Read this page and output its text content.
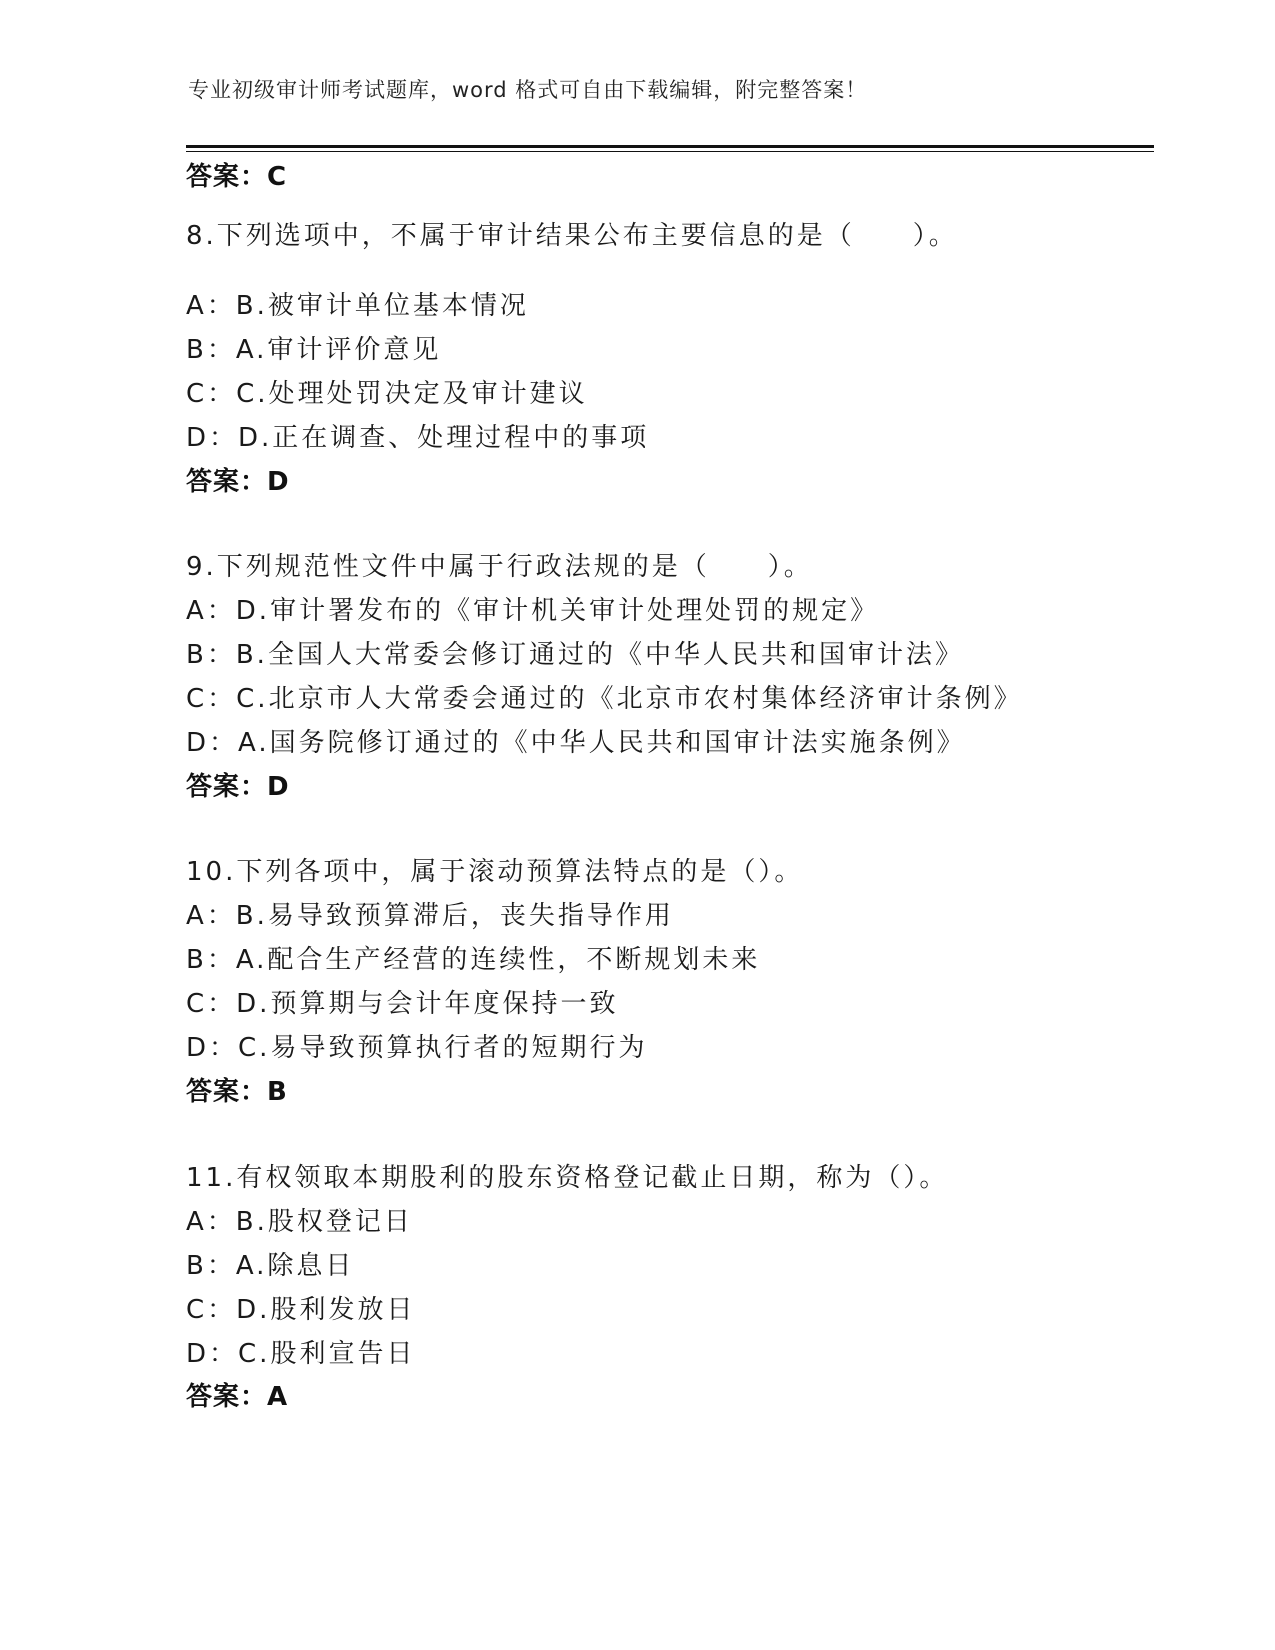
专业初级审计师考试题库，word 格式可自由下载编辑，附完整答案！
答案：C
8.下列选项中，不属于审计结果公布主要信息的是（　　）。
A：B.被审计单位基本情况
B：A.审计评价意见
C：C.处理处罚决定及审计建议
D：D.正在调查、处理过程中的事项
答案：D
9.下列规范性文件中属于行政法规的是（　　）。
A：D.审计署发布的《审计机关审计处理处罚的规定》
B：B.全国人大常委会修订通过的《中华人民共和国审计法》
C：C.北京市人大常委会通过的《北京市农村集体经济审计条例》
D：A.国务院修订通过的《中华人民共和国审计法实施条例》
答案：D
10.下列各项中，属于滚动预算法特点的是（）。
A：B.易导致预算滞后，丧失指导作用
B：A.配合生产经营的连续性，不断规划未来
C：D.预算期与会计年度保持一致
D：C.易导致预算执行者的短期行为
答案：B
11.有权领取本期股利的股东资格登记截止日期，称为（）。
A：B.股权登记日
B：A.除息日
C：D.股利发放日
D：C.股利宣告日
答案：A
